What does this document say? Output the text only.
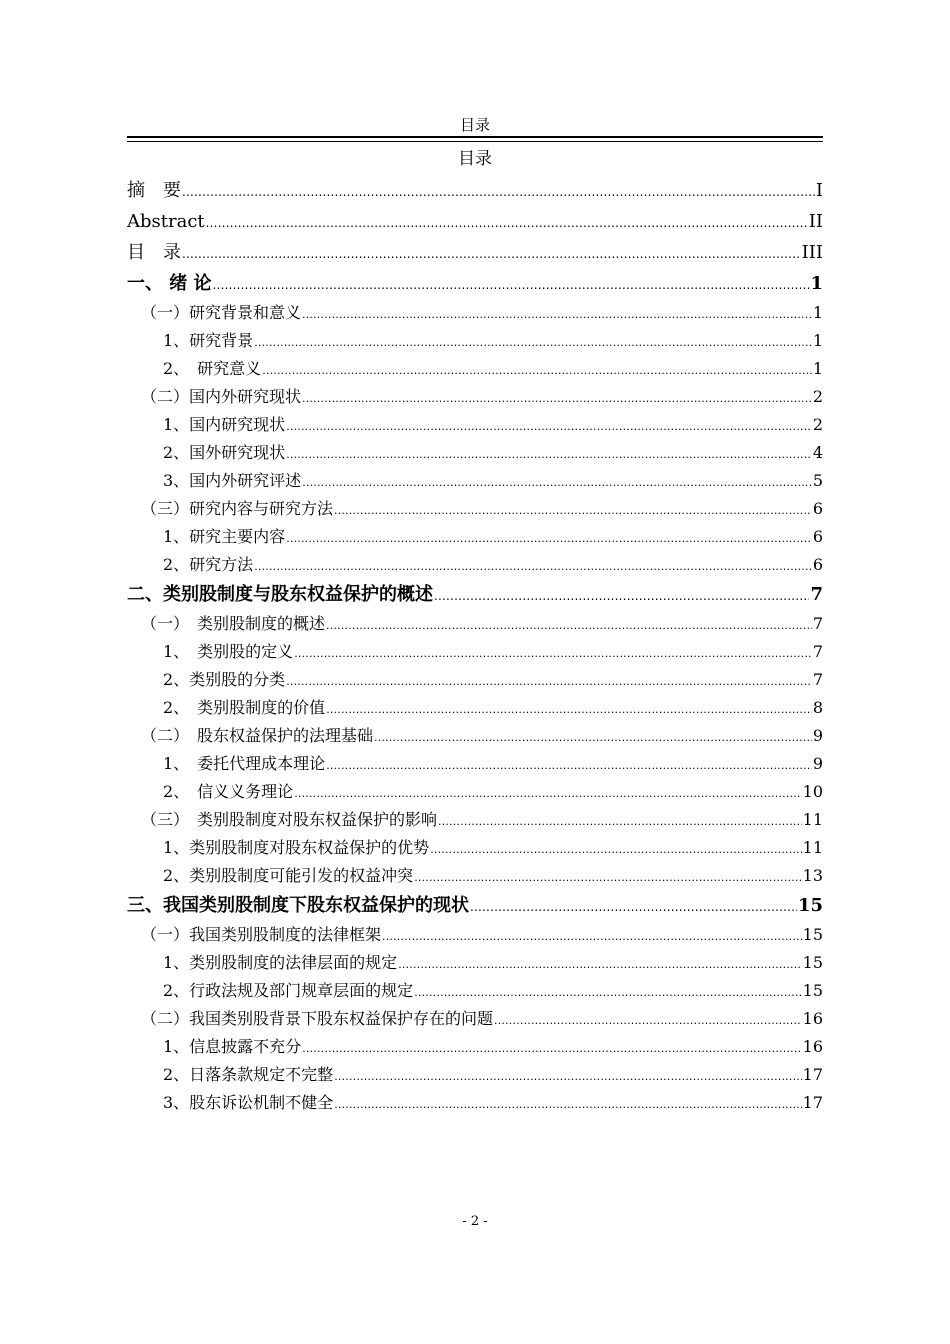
目录
目录
摘　要 .....	I
Abstract .....	II
目　录 .....	III
一、 绪 论 .....	1
（一）研究背景和意义 .....	1
1、研究背景 .....	1
2、　研究意义 .....	1
（二）国内外研究现状 .....	2
1、国内研究现状 .....	2
2、国外研究现状 .....	4
3、国内外研究评述 .....	5
（三）研究内容与研究方法 .....	6
1、研究主要内容 .....	6
2、研究方法 .....	6
二、类别股制度与股东权益保护的概述 .....	7
（一）　类别股制度的概述 .....	7
1、　类别股的定义 .....	7
2、类别股的分类 .....	7
2、　类别股制度的价值 .....	8
（二）　股东权益保护的法理基础 .....	9
1、　委托代理成本理论 .....	9
2、　信义义务理论 .....	10
（三）　类别股制度对股东权益保护的影响 .....	11
1、类别股制度对股东权益保护的优势 .....	11
2、类别股制度可能引发的权益冲突 .....	13
三、我国类别股制度下股东权益保护的现状 .....	15
（一）我国类别股制度的法律框架 .....	15
1、类别股制度的法律层面的规定 .....	15
2、行政法规及部门规章层面的规定 .....	15
（二）我国类别股背景下股东权益保护存在的问题 .....	16
1、信息披露不充分 .....	16
2、日落条款规定不完整 .....	17
3、股东诉讼机制不健全 .....	17
- 2 -
